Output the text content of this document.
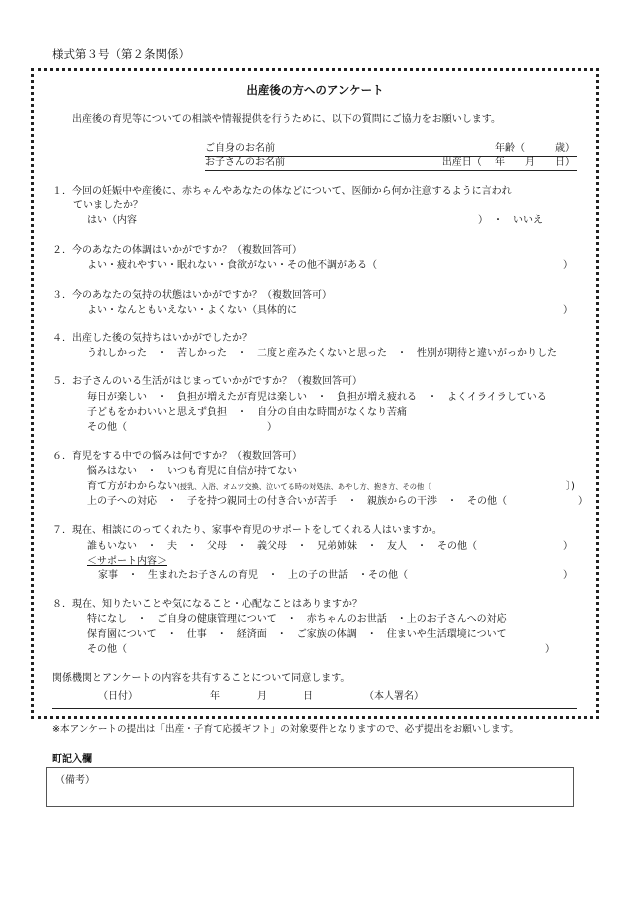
様式第３号（第２条関係）
出産後の方へのアンケート
出産後の育児等についての相談や情報提供を行うために、以下の質問にご協力をお願いします。
ご自身のお名前	年齢（　　　歳）
お子さんのお名前	出産日（　 年　　月　　日）
１．今回の妊娠中や産後に、赤ちゃんやあなたの体などについて、医師から何か注意するように言われ
ていましたか？
はい（内容	）　・　いいえ
２．今のあなたの体調はいかがですか？（複数回答可）
よい・疲れやすい・眠れない・食欲がない・その他不調がある（	）
３．今のあなたの気持の状態はいかがですか？（複数回答可）
よい・なんともいえない・よくない（具体的に	）
４．出産した後の気持ちはいかがでしたか？
うれしかった　・　苦しかった　・　二度と産みたくないと思った　・　性別が期待と違いがっかりした
５．お子さんのいる生活がはじまっていかがですか？（複数回答可）
毎日が楽しい　・　負担が増えたが育児は楽しい　・　負担が増え疲れる　・　よくイライラしている
子どもをかわいいと思えず負担　・　自分の自由な時間がなくなり苦痛
その他（　　　　　　　　　　　　　　）
６．育児をする中での悩みは何ですか？（複数回答可）
悩みはない　・　いつも育児に自信が持てない
育て方がわからない(授乳、入浴、オムツ交換、泣いてる時の対処法、あやし方、抱き方、その他〔	〕)
上の子への対応　・　子を持つ親同士の付き合いが苦手　・　親族からの干渉　・　その他（	）
７．現在、相談にのってくれたり、家事や育児のサポートをしてくれる人はいますか。
誰もいない　・　夫　・　父母　・　義父母　・　兄弟姉妹　・　友人　・　その他（	）
＜サポート内容＞
家事　・　生まれたお子さんの育児　・　上の子の世話　・その他（	）
８．現在、知りたいことや気になること・心配なことはありますか？
特になし　・　ご自身の健康管理について　・　赤ちゃんのお世話　・上のお子さんへの対応
保育園について　・　仕事　・　経済面　・　ご家族の体調　・　住まいや生活環境について
その他（	）
関係機関とアンケートの内容を共有することについて同意します。
（日付）	年	月	日	（本人署名）
※本アンケートの提出は「出産・子育て応援ギフト」の対象要件となりますので、必ず提出をお願いします。
町記入欄
（備考）
